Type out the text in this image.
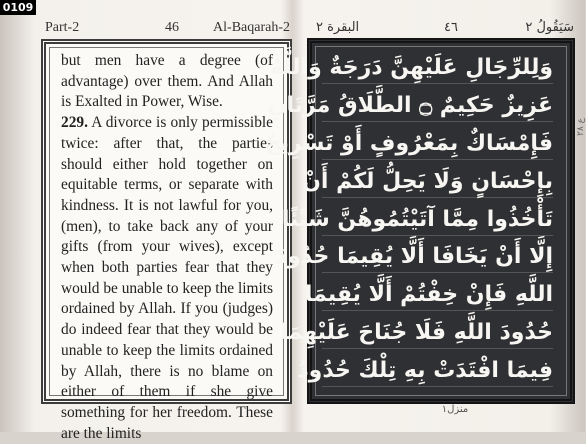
0109
Part-2	46 Al-Baqarah-2

but men have a degree (of advantage) over them. And Allah is Exalted in Power, Wise.

229. A divorce is only permissible twice: after that, the parties should either hold together on equitable terms, or separate with kindness. It is not lawful for you, (men), to take back any of your gifts (from your wives), except when both parties fear that they would be unable to keep the limits ordained by Allah. If you (judges) do indeed fear that they would be unable to keep the limits ordained by Allah, there is no blame on either of them if she give something for her freedom. These are the limits

سَيَقُولُ ٢
٤٦
البقرة ٢
وَلِلرِّجَالِ عَلَيْهِنَّ دَرَجَةٌ وَاللَّهُ
عَزِيزٌ حَكِيمٌ ۝ الطَّلَاقُ مَرَّتَانِ
فَإِمْسَاكٌ بِمَعْرُوفٍ أَوْ تَسْرِيحٌ
بِإِحْسَانٍ وَلَا يَحِلُّ لَكُمْ أَنْ
تَأْخُذُوا مِمَّا آتَيْتُمُوهُنَّ شَيْئًا
إِلَّا أَنْ يَخَافَا أَلَّا يُقِيمَا حُدُودَ
اللَّهِ فَإِنْ خِفْتُمْ أَلَّا يُقِيمَا
حُدُودَ اللَّهِ فَلَا جُنَاحَ عَلَيْهِمَا
فِيمَا افْتَدَتْ بِهِ تِلْكَ حُدُودُ
ع ٢٨
منزل١
